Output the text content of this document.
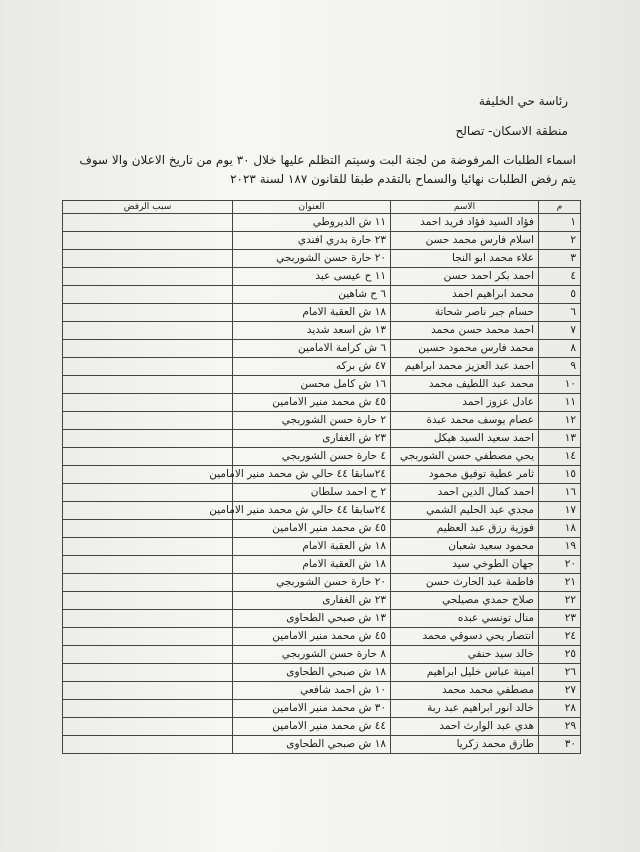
رئاسة حي الخليفة
منطقة الاسكان- تصالح
اسماء الطلبات المرفوضة من لجنة البت وسيتم التظلم عليها خلال ٣٠ يوم من تاريخ الاعلان والا سوف
يتم رفض الطلبات نهائيا والسماح بالتقدم طبقا للقانون ١٨٧ لسنة ٢٠٢٣
م	الاسم	العنوان	سبب الرفض
١	فؤاد السيد فؤاد فريد احمد	١١ ش الديروطي	
٢	اسلام فارس محمد حسن	٢٣ حارة بدري افندي	
٣	علاء محمد ابو النجا	٢٠ حارة حسن الشوربجي	
٤	احمد بكر احمد حسن	١١ ح عيسى عبد	
٥	محمد ابراهيم احمد	٦ ح شاهين	
٦	حسام جبر ناصر شحاتة	١٨ ش العقبة الامام	
٧	احمد محمد حسن محمد	١٣ ش اسعد شديد	
٨	محمد فارس محمود حسين	٦ ش كرامة الامامين	
٩	احمد عبد العزيز محمد ابراهيم	٤٧ ش بركه	
١٠	محمد عبد اللطيف محمد	١٦ ش كامل محسن	
١١	عادل عزوز احمد	٤٥ ش محمد منير الامامين	
١٢	عصام يوسف محمد عبدة	٢ حارة حسن الشوربجي	
١٣	احمد سعيد السيد هيكل	٢٣ ش الغفارى	
١٤	يحي مصطفي حسن الشوربجي	٤ حارة حسن الشوربجي	
١٥	ثامر عطية توفيق محمود	٢٤سابقا ٤٤ حالي ش محمد منير الامامين	
١٦	احمد كمال الدين احمد	٢ ح احمد سلطان	
١٧	مجدي عبد الحليم الشمي	٢٤سابقا ٤٤ حالي ش محمد منير الامامين	
١٨	فوزية رزق عبد العظيم	٤٥ ش محمد منير الامامين	
١٩	محمود سعيد شعبان	١٨ ش العقبة الامام	
٢٠	جهان الطوخي سيد	١٨ ش العقبة الامام	
٢١	فاطمة عبد الحارث حسن	٢٠ حارة حسن الشوربجي	
٢٢	صلاح حمدي مصيلحي	٢٣ ش الغفارى	
٢٣	منال تونسي عبده	١٣ ش صبحي الطحاوى	
٢٤	انتصار يحي دسوقي محمد	٤٥ ش محمد منير الامامين	
٢٥	خالد سيد حنفي	٨ حارة حسن الشوربجي	
٢٦	امينة عباس خليل ابراهيم	١٨ ش صبحي الطحاوى	
٢٧	مصطفي محمد محمد	١٠ ش احمد شافعي	
٢٨	خالد انور ابراهيم عبد ربة	٣٠ ش محمد منير الامامين	
٢٩	هدي عبد الوارث احمد	٤٤ ش محمد منير الامامين	
٣٠	طارق محمد زكريا	١٨ ش صبحي الطحاوى	
